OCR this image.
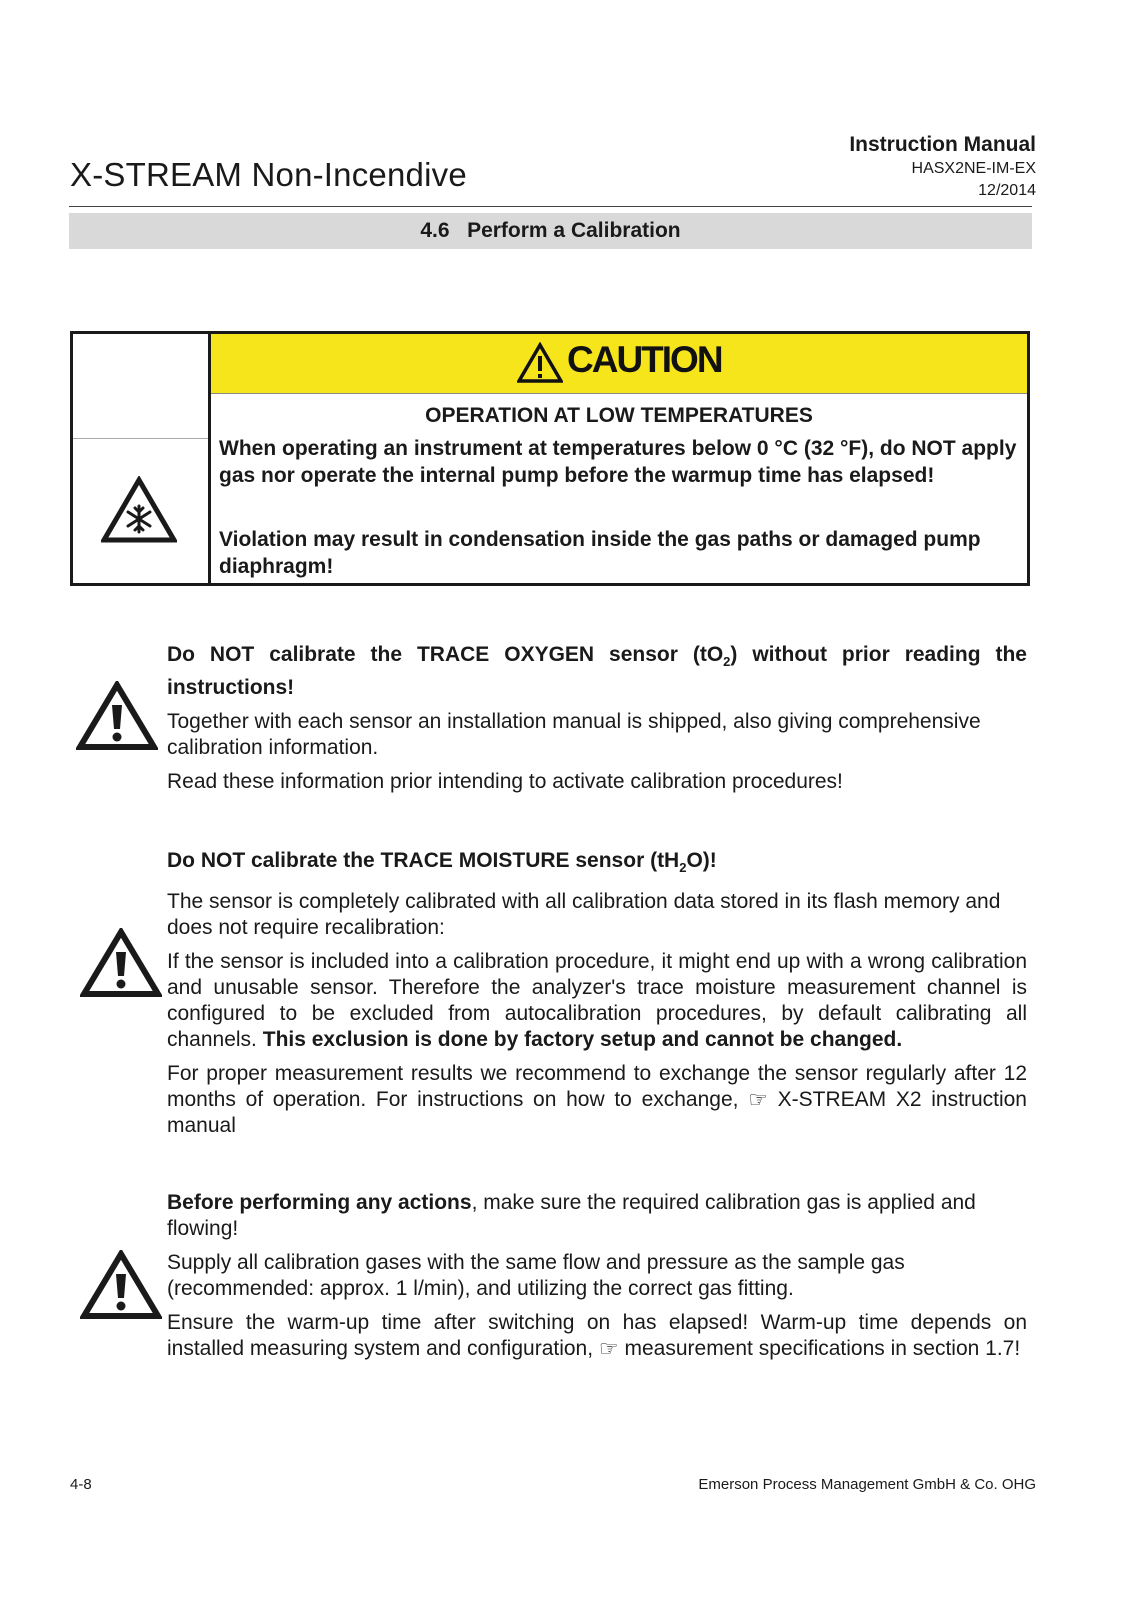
X-STREAM Non-Incendive
Instruction Manual
HASX2NE-IM-EX
12/2014
4.6 Perform a Calibration
CAUTION
OPERATION AT LOW TEMPERATURES
When operating an instrument at temperatures below 0 °C (32 °F), do NOT apply gas nor operate the internal pump before the warmup time has elapsed!
Violation may result in condensation inside the gas paths or damaged pump diaphragm!

Do NOT calibrate the TRACE OXYGEN sensor $(tO_2)$ without prior reading the instructions!

Together with each sensor an installation manual is shipped, also giving comprehensive calibration information.

Read these information prior intending to activate calibration procedures!

Do NOT calibrate the TRACE MOISTURE sensor $(tH_2O)$!

The sensor is completely calibrated with all calibration data stored in its flash memory and does not require recalibration:

If the sensor is included into a calibration procedure, it might end up with a wrong calibration and unusable sensor. Therefore the analyzer's trace moisture measurement channel is configured to be excluded from autocalibration procedures, by default calibrating all channels. This exclusion is done by factory setup and cannot be changed.

For proper measurement results we recommend to exchange the sensor regularly after 12 months of operation. For instructions on how to exchange, ☞ X-STREAM X2 instruction manual

Before performing any actions, make sure the required calibration gas is applied and flowing!

Supply all calibration gases with the same flow and pressure as the sample gas (recommended: approx. 1 l/min), and utilizing the correct gas fitting.

Ensure the warm-up time after switching on has elapsed! Warm-up time depends on installed measuring system and configuration, ☞ measurement specifications in section 1.7!

4-8	Emerson Process Management GmbH & Co. OHG
